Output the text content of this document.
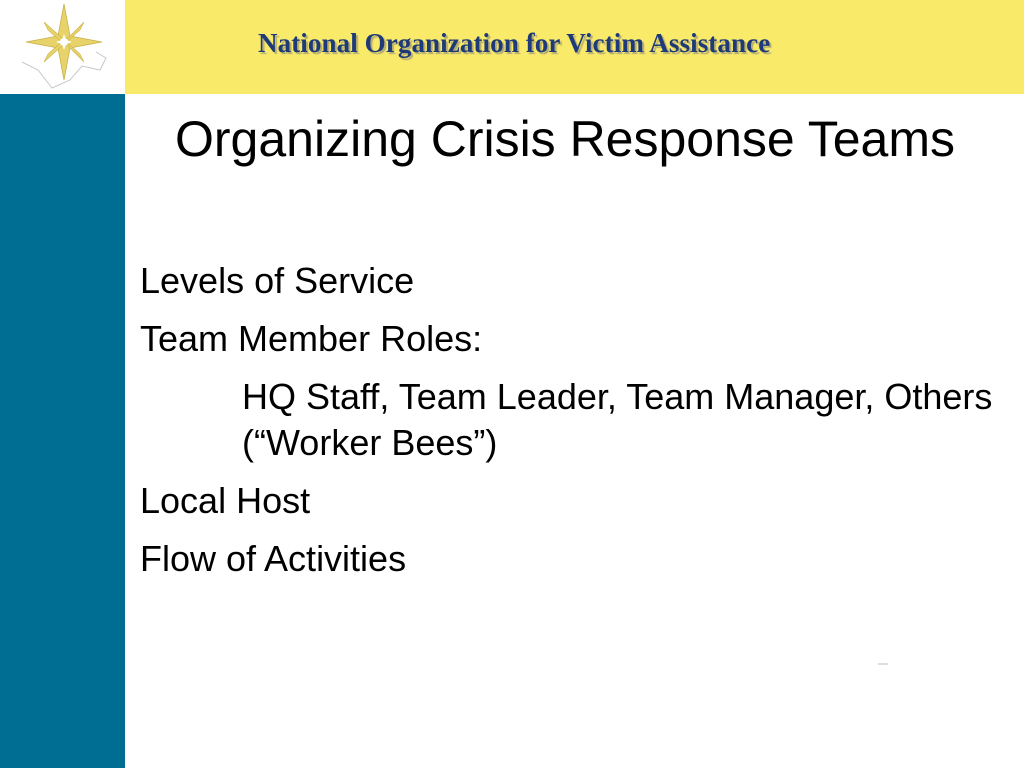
National Organization for Victim Assistance
Organizing Crisis Response Teams
Levels of Service
Team Member Roles:
HQ Staff, Team Leader, Team Manager, Others (“Worker Bees”)
Local Host
Flow of Activities
